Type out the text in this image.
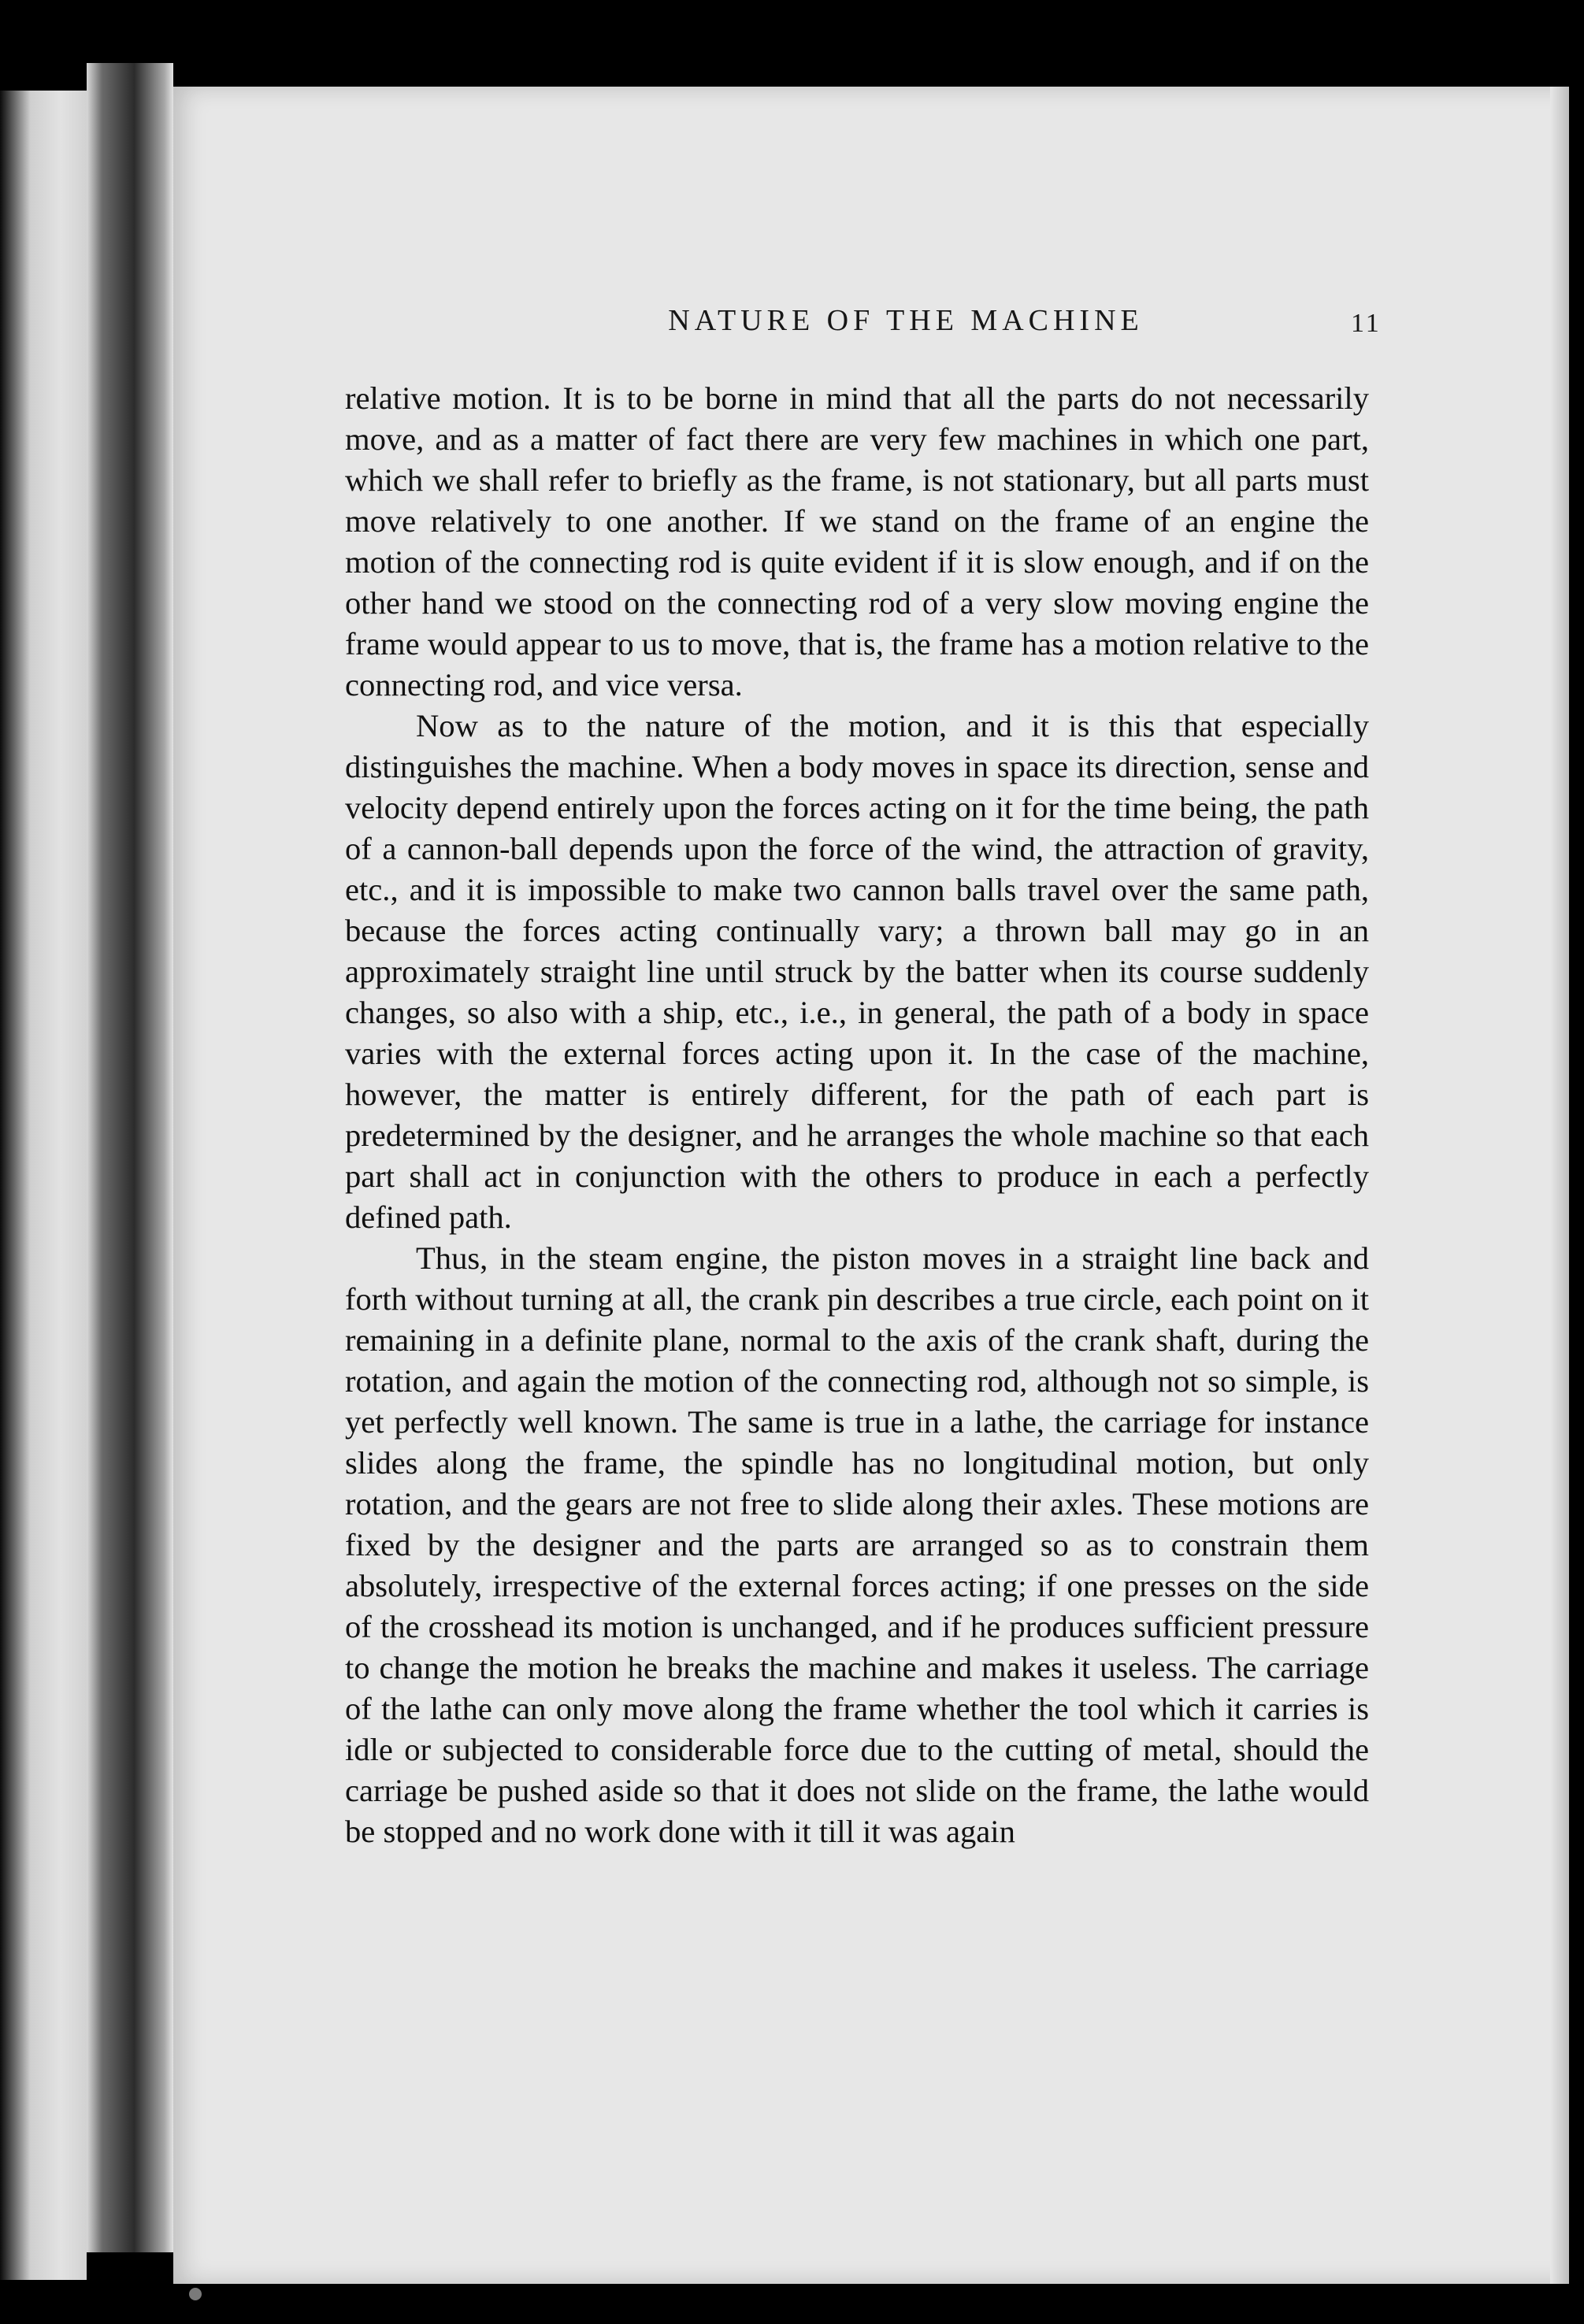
NATURE OF THE MACHINE	11

relative motion. It is to be borne in mind that all the parts do not necessarily move, and as a matter of fact there are very few machines in which one part, which we shall refer to briefly as the frame, is not stationary, but all parts must move relatively to one another. If we stand on the frame of an engine the motion of the connecting rod is quite evident if it is slow enough, and if on the other hand we stood on the connecting rod of a very slow moving engine the frame would appear to us to move, that is, the frame has a motion relative to the connecting rod, and vice versa.

Now as to the nature of the motion, and it is this that especially distinguishes the machine. When a body moves in space its direction, sense and velocity depend entirely upon the forces acting on it for the time being, the path of a cannon-ball depends upon the force of the wind, the attraction of gravity, etc., and it is impossible to make two cannon balls travel over the same path, because the forces acting continually vary; a thrown ball may go in an approximately straight line until struck by the batter when its course suddenly changes, so also with a ship, etc., i.e., in general, the path of a body in space varies with the external forces acting upon it. In the case of the machine, however, the matter is entirely different, for the path of each part is predetermined by the designer, and he arranges the whole machine so that each part shall act in conjunction with the others to produce in each a perfectly defined path.

Thus, in the steam engine, the piston moves in a straight line back and forth without turning at all, the crank pin describes a true circle, each point on it remaining in a definite plane, normal to the axis of the crank shaft, during the rotation, and again the motion of the connecting rod, although not so simple, is yet perfectly well known. The same is true in a lathe, the carriage for instance slides along the frame, the spindle has no longitudinal motion, but only rotation, and the gears are not free to slide along their axles. These motions are fixed by the designer and the parts are arranged so as to constrain them absolutely, irrespective of the external forces acting; if one presses on the side of the crosshead its motion is unchanged, and if he produces sufficient pressure to change the motion he breaks the machine and makes it useless. The carriage of the lathe can only move along the frame whether the tool which it carries is idle or subjected to considerable force due to the cutting of metal, should the carriage be pushed aside so that it does not slide on the frame, the lathe would be stopped and no work done with it till it was again
